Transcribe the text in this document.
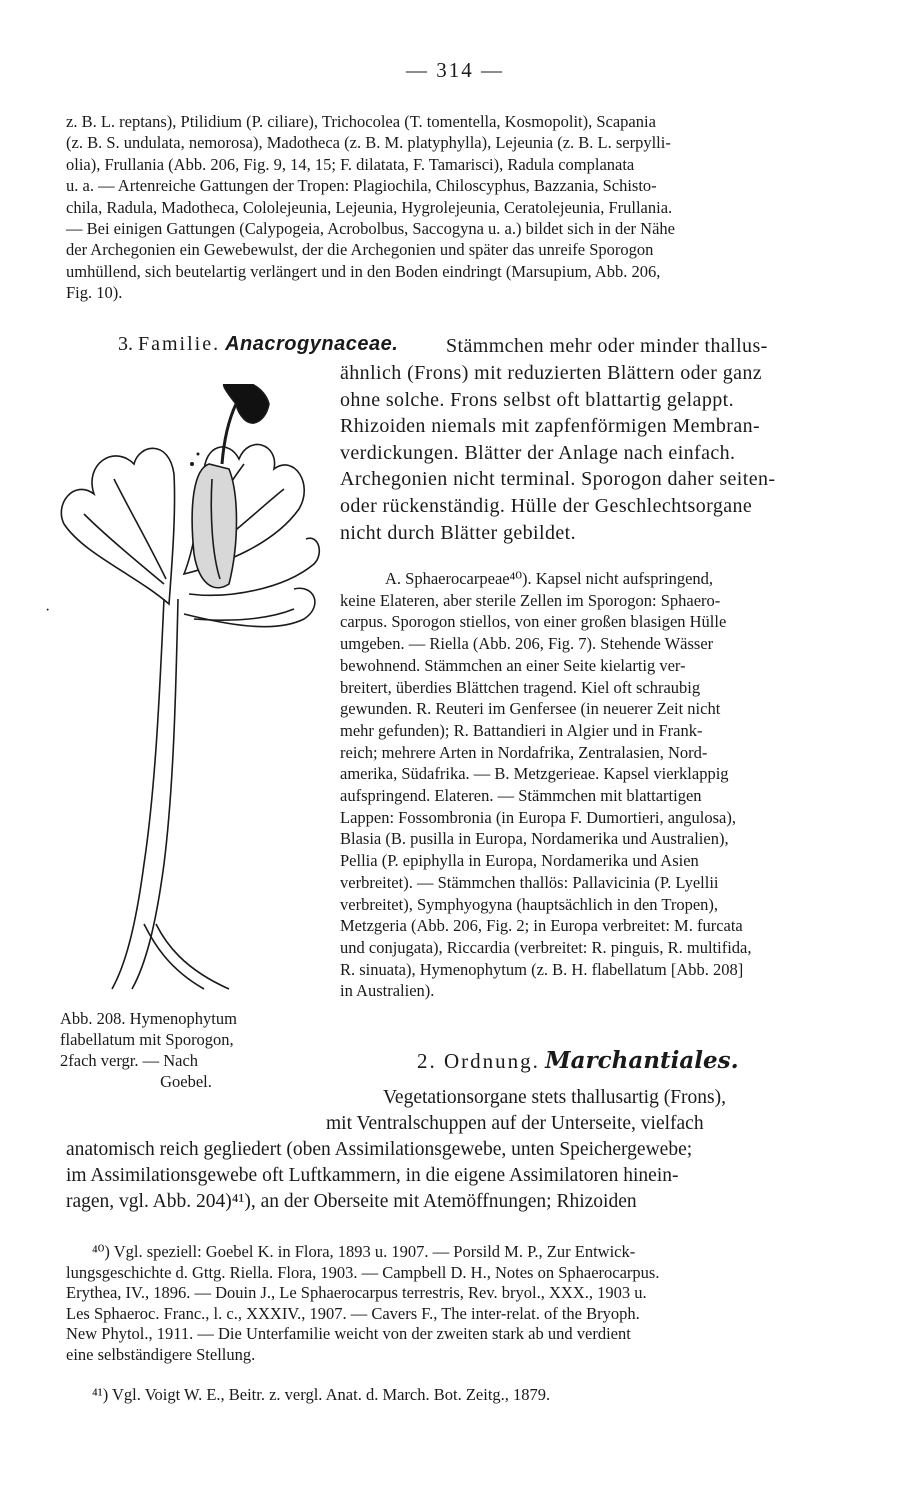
— 314 —
z. B. L. reptans), Ptilidium (P. ciliare), Trichocolea (T. tomentella, Kosmopolit), Scapania
(z. B. S. undulata, nemorosa), Madotheca (z. B. M. platyphylla), Lejeunia (z. B. L. serpylli-
olia), Frullania (Abb. 206, Fig. 9, 14, 15; F. dilatata, F. Tamarisci), Radula complanata
u. a. — Artenreiche Gattungen der Tropen: Plagiochila, Chiloscyphus, Bazzania, Schisto-
chila, Radula, Madotheca, Cololejeunia, Lejeunia, Hygrolejeunia, Ceratolejeunia, Frullania.
— Bei einigen Gattungen (Calypogeia, Acrobolbus, Saccogyna u. a.) bildet sich in der Nähe
der Archegonien ein Gewebewulst, der die Archegonien und später das unreife Sporogon
umhüllend, sich beutelartig verlängert und in den Boden eindringt (Marsupium, Abb. 206,
Fig. 10).
3. Familie. Anacrogynaceae. Stämmchen mehr oder minder thallus-
ähnlich (Frons) mit reduzierten Blättern oder ganz
ohne solche. Frons selbst oft blattartig gelappt.
Rhizoiden niemals mit zapfenförmigen Membran-
verdickungen. Blätter der Anlage nach einfach.
Archegonien nicht terminal. Sporogon daher seiten-
oder rückenständig. Hülle der Geschlechtsorgane
nicht durch Blätter gebildet.
A. Sphaerocarpeae⁴⁰). Kapsel nicht aufspringend,
keine Elateren, aber sterile Zellen im Sporogon: Sphaero-
carpus. Sporogon stiellos, von einer großen blasigen Hülle
umgeben. — Riella (Abb. 206, Fig. 7). Stehende Wässer
bewohnend. Stämmchen an einer Seite kielartig ver-
breitert, überdies Blättchen tragend. Kiel oft schraubig
gewunden. R. Reuteri im Genfersee (in neuerer Zeit nicht
mehr gefunden); R. Battandieri in Algier und in Frank-
reich; mehrere Arten in Nordafrika, Zentralasien, Nord-
amerika, Südafrika. — B. Metzgerieae. Kapsel vierklappig
aufspringend. Elateren. — Stämmchen mit blattartigen
Lappen: Fossombronia (in Europa F. Dumortieri, angulosa),
Blasia (B. pusilla in Europa, Nordamerika und Australien),
Pellia (P. epiphylla in Europa, Nordamerika und Asien
verbreitet). — Stämmchen thallös: Pallavicinia (P. Lyellii
verbreitet), Symphyogyna (hauptsächlich in den Tropen),
Metzgeria (Abb. 206, Fig. 2; in Europa verbreitet: M. furcata
und conjugata), Riccardia (verbreitet: R. pinguis, R. multifida,
R. sinuata), Hymenophytum (z. B. H. flabellatum [Abb. 208]
in Australien).
·
Abb. 208. Hymenophytum
flabellatum mit Sporogon,
2fach vergr. — Nach
Goebel.
2. Ordnung. Marchantiales.
Vegetationsorgane stets thallusartig (Frons),
mit Ventralschuppen auf der Unterseite, vielfach
anatomisch reich gegliedert (oben Assimilationsgewebe, unten Speichergewebe;
im Assimilationsgewebe oft Luftkammern, in die eigene Assimilatoren hinein-
ragen, vgl. Abb. 204)⁴¹), an der Oberseite mit Atemöffnungen; Rhizoiden
⁴⁰) Vgl. speziell: Goebel K. in Flora, 1893 u. 1907. — Porsild M. P., Zur Entwick-
lungsgeschichte d. Gttg. Riella. Flora, 1903. — Campbell D. H., Notes on Sphaerocarpus.
Erythea, IV., 1896. — Douin J., Le Sphaerocarpus terrestris, Rev. bryol., XXX., 1903 u.
Les Sphaeroc. Franc., l. c., XXXIV., 1907. — Cavers F., The inter-relat. of the Bryoph.
New Phytol., 1911. — Die Unterfamilie weicht von der zweiten stark ab und verdient
eine selbständigere Stellung.
⁴¹) Vgl. Voigt W. E., Beitr. z. vergl. Anat. d. March. Bot. Zeitg., 1879.
